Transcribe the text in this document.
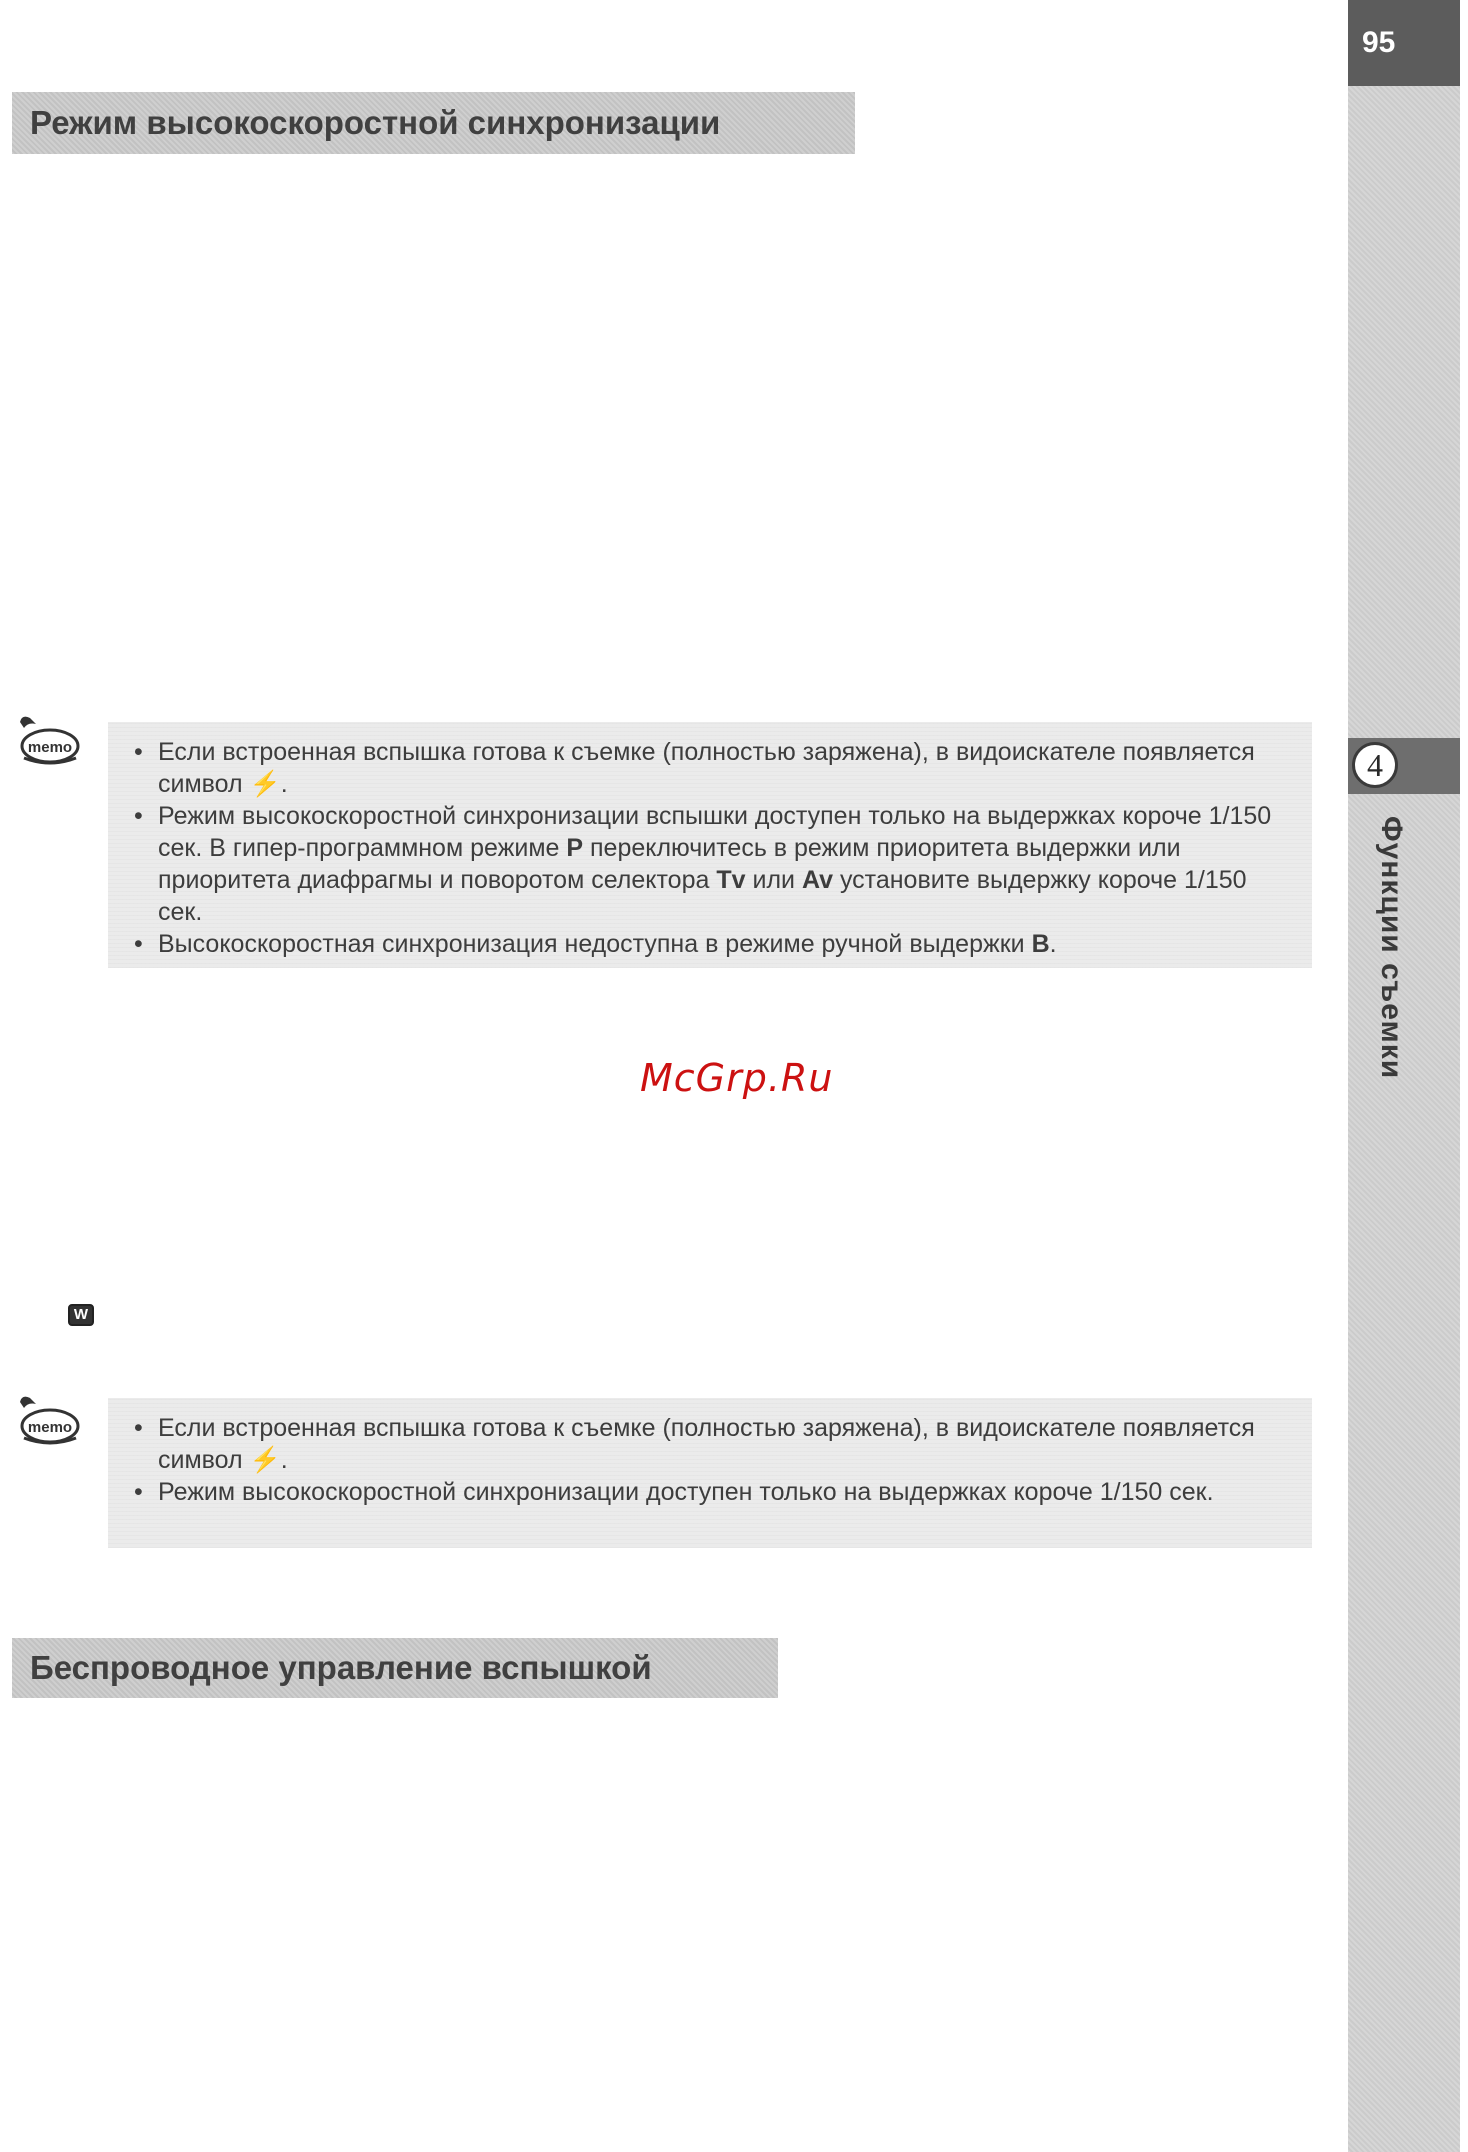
95
4
Функции съемки
Режим высокоскоростной синхронизации
memo	• Если встроенная вспышка готова к съемке (полностью заряжена), в видоискателе появляется символ ⚡.
• Режим высокоскоростной синхронизации вспышки доступен только на выдержках короче 1/150 сек. В гипер-программном режиме P переключитесь в режим приоритета выдержки или приоритета диафрагмы и поворотом селектора Tv или Av установите выдержку короче 1/150 сек.
• Высокоскоростная синхронизация недоступна в режиме ручной выдержки B.
McGrp.Ru
W
memo	• Если встроенная вспышка готова к съемке (полностью заряжена), в видоискателе появляется символ ⚡.
• Режим высокоскоростной синхронизации доступен только на выдержках короче 1/150 сек.
Беспроводное управление вспышкой
